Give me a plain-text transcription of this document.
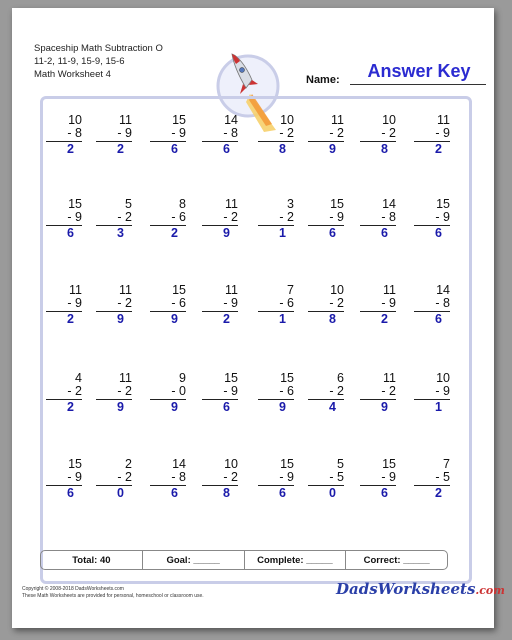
Spaceship Math Subtraction O
11-2, 11-9, 15-9, 15-6
Math Worksheet 4	Name:	Answer Key
10
- 8
2
11
- 9
2
15
- 9
6
14
- 8
6
10
- 2
8
11
- 2
9
10
- 2
8
11
- 9
2
15
- 9
6
5
- 2
3
8
- 6
2
11
- 2
9
3
- 2
1
15
- 9
6
14
- 8
6
15
- 9
6
11
- 9
2
11
- 2
9
15
- 6
9
11
- 9
2
7
- 6
1
10
- 2
8
11
- 9
2
14
- 8
6
4
- 2
2
11
- 2
9
9
- 0
9
15
- 9
6
15
- 6
9
6
- 2
4
11
- 2
9
10
- 9
1
15
- 9
6
2
- 2
0
14
- 8
6
10
- 2
8
15
- 9
6
5
- 5
0
15
- 9
6
7
- 5
2
Total: 40	Goal: _____	Complete: _____	Correct: _____
Copyright © 2008-2018 DadsWorksheets.com
These Math Worksheets are provided for personal, homeschool or classroom use.	DadsWorksheets.com
